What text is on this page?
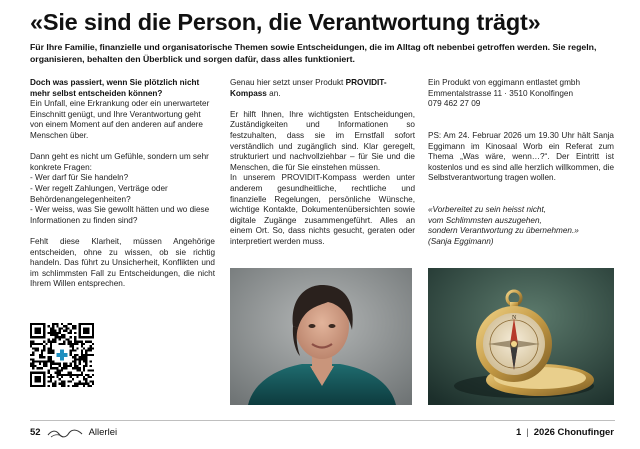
«Sie sind die Person, die Verantwortung trägt»
Für Ihre Familie, finanzielle und organisatorische Themen sowie Entscheidungen, die im Alltag oft nebenbei getroffen werden. Sie regeln, organisieren, behalten den Überblick und sorgen dafür, dass alles funktioniert.

Doch was passiert, wenn Sie plötzlich nicht mehr selbst entscheiden können?

Ein Unfall, eine Erkrankung oder ein unerwarteter Einschnitt genügt, und Ihre Verantwortung geht von einem Moment auf den anderen auf andere Menschen über.

Dann geht es nicht um Gefühle, sondern um sehr konkrete Fragen:

- Wer darf für Sie handeln?

- Wer regelt Zahlungen, Verträge oder Behördenangelegenheiten?

- Wer weiss, was Sie gewollt hätten und wo diese Informationen zu finden sind?

Fehlt diese Klarheit, müssen Angehörige entscheiden, ohne zu wissen, ob sie richtig handeln. Das führt zu Unsicherheit, Konflikten und im schlimmsten Fall zu Entscheidungen, die nicht Ihrem Willen entsprechen.

Genau hier setzt unser Produkt PROVIDIT-Kompass an.

Er hilft Ihnen, Ihre wichtigsten Entscheidungen, Zuständigkeiten und Informationen so festzuhalten, dass sie im Ernstfall sofort verständlich und zugänglich sind. Klar geregelt, strukturiert und nachvollziehbar – für Sie und die Menschen, die für Sie einstehen müssen.

In unserem PROVIDIT-Kompass werden unter anderem gesundheitliche, rechtliche und finanzielle Regelungen, persönliche Wünsche, wichtige Kontakte, Dokumentenübersichten sowie digitale Zugänge zusammengeführt. Alles an einem Ort. So, dass nichts gesucht, geraten oder interpretiert werden muss.

Ein Produkt von eggimann entlastet gmbh

Emmentalstrasse 11 · 3510 Konolfingen

079 462 27 09

PS: Am 24. Februar 2026 um 19.30 Uhr hält Sanja Eggimann im Kinosaal Worb ein Referat zum Thema „Was wäre, wenn…?“. Der Eintritt ist kostenlos und es sind alle herzlich willkommen, die Selbstverantwortung tragen wollen.

«Vorbereitet zu sein heisst nicht,

vom Schlimmsten auszugehen,

sondern Verantwortung zu übernehmen.»

(Sanja Eggimann)

N
52	Allerlei	1 | 2026 Chonufinger
